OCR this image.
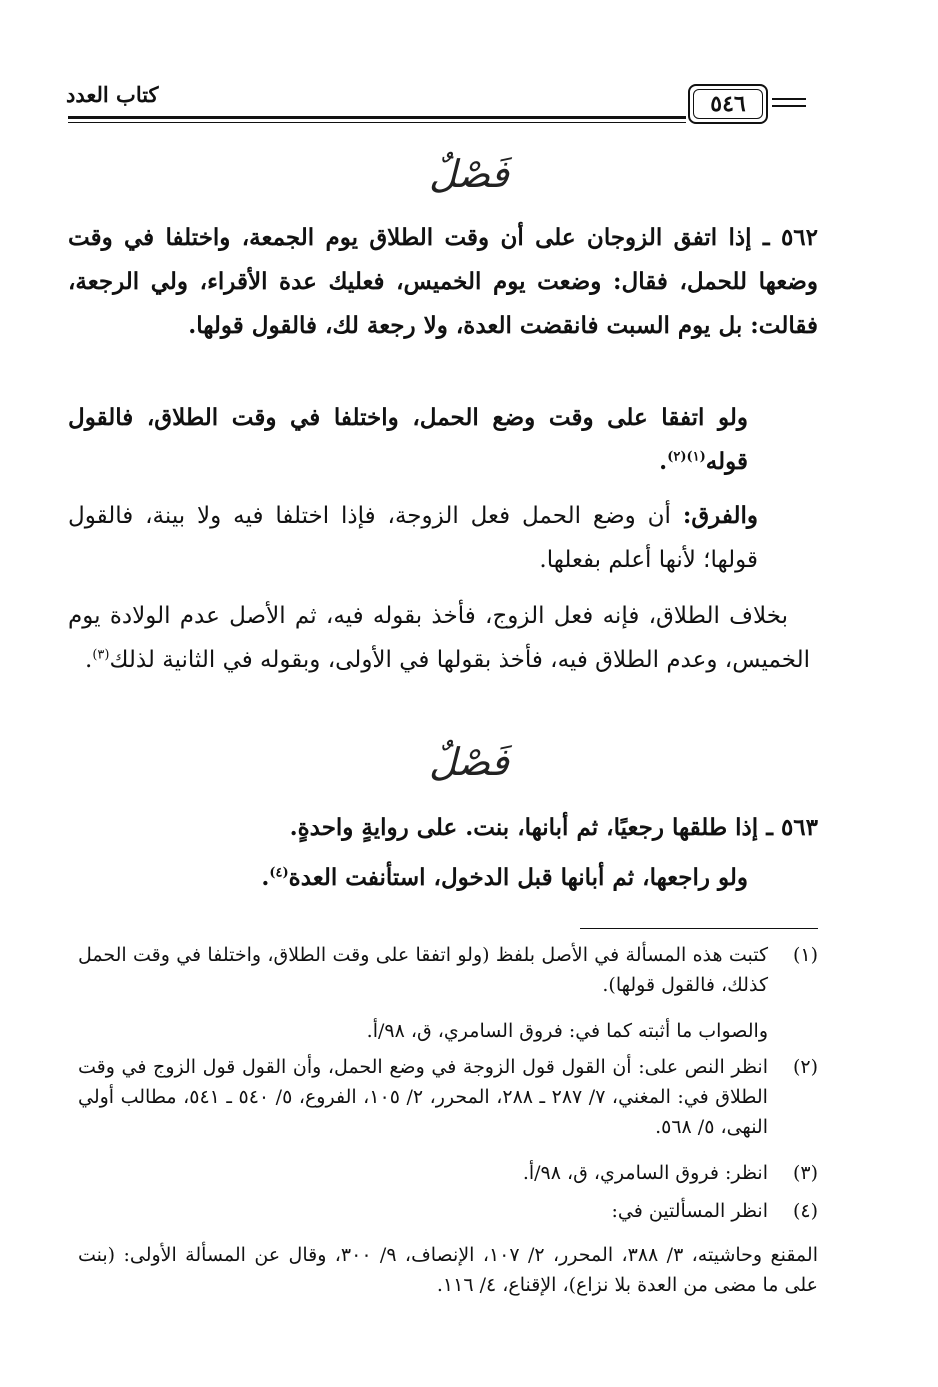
كتاب العدد	٥٤٦
فَصْلٌ
٥٦٢ ـ إذا اتفق الزوجان على أن وقت الطلاق يوم الجمعة، واختلفا في وقت وضعها للحمل، فقال: وضعت يوم الخميس، فعليك عدة الأقراء، ولي الرجعة، فقالت: بل يوم السبت فانقضت العدة، ولا رجعة لك، فالقول قولها.
ولو اتفقا على وقت وضع الحمل، واختلفا في وقت الطلاق، فالقول قوله$^{(١)(٢)}$.
والفرق: أن وضع الحمل فعل الزوجة، فإذا اختلفا فيه ولا بينة، فالقول قولها؛ لأنها أعلم بفعلها.
بخلاف الطلاق، فإنه فعل الزوج، فأخذ بقوله فيه، ثم الأصل عدم الولادة يوم الخميس، وعدم الطلاق فيه، فأخذ بقولها في الأولى، وبقوله في الثانية لذلك$^{(٣)}$.
فَصْلٌ
٥٦٣ ـ إذا طلقها رجعيًا، ثم أبانها، بنت. على روايةٍ واحدةٍ.
ولو راجعها، ثم أبانها قبل الدخول، استأنفت العدة$^{(٤)}$.
(١)
كتبت هذه المسألة في الأصل بلفظ (ولو اتفقا على وقت الطلاق، واختلفا في وقت الحمل كذلك، فالقول قولها).
والصواب ما أثبته كما في: فروق السامري، ق، ٩٨/أ.
(٢)
انظر النص على: أن القول قول الزوجة في وضع الحمل، وأن القول قول الزوج في وقت الطلاق في: المغني، ٧/ ٢٨٧ ـ ٢٨٨، المحرر، ٢/ ١٠٥، الفروع، ٥/ ٥٤٠ ـ ٥٤١، مطالب أولي النهى، ٥/ ٥٦٨.
(٣)
انظر: فروق السامري، ق، ٩٨/أ.
(٤)
انظر المسألتين في:
المقنع وحاشيته، ٣/ ٣٨٨، المحرر، ٢/ ١٠٧، الإنصاف، ٩/ ٣٠٠، وقال عن المسألة الأولى: (بنت على ما مضى من العدة بلا نزاع)، الإقناع، ٤/ ١١٦.
